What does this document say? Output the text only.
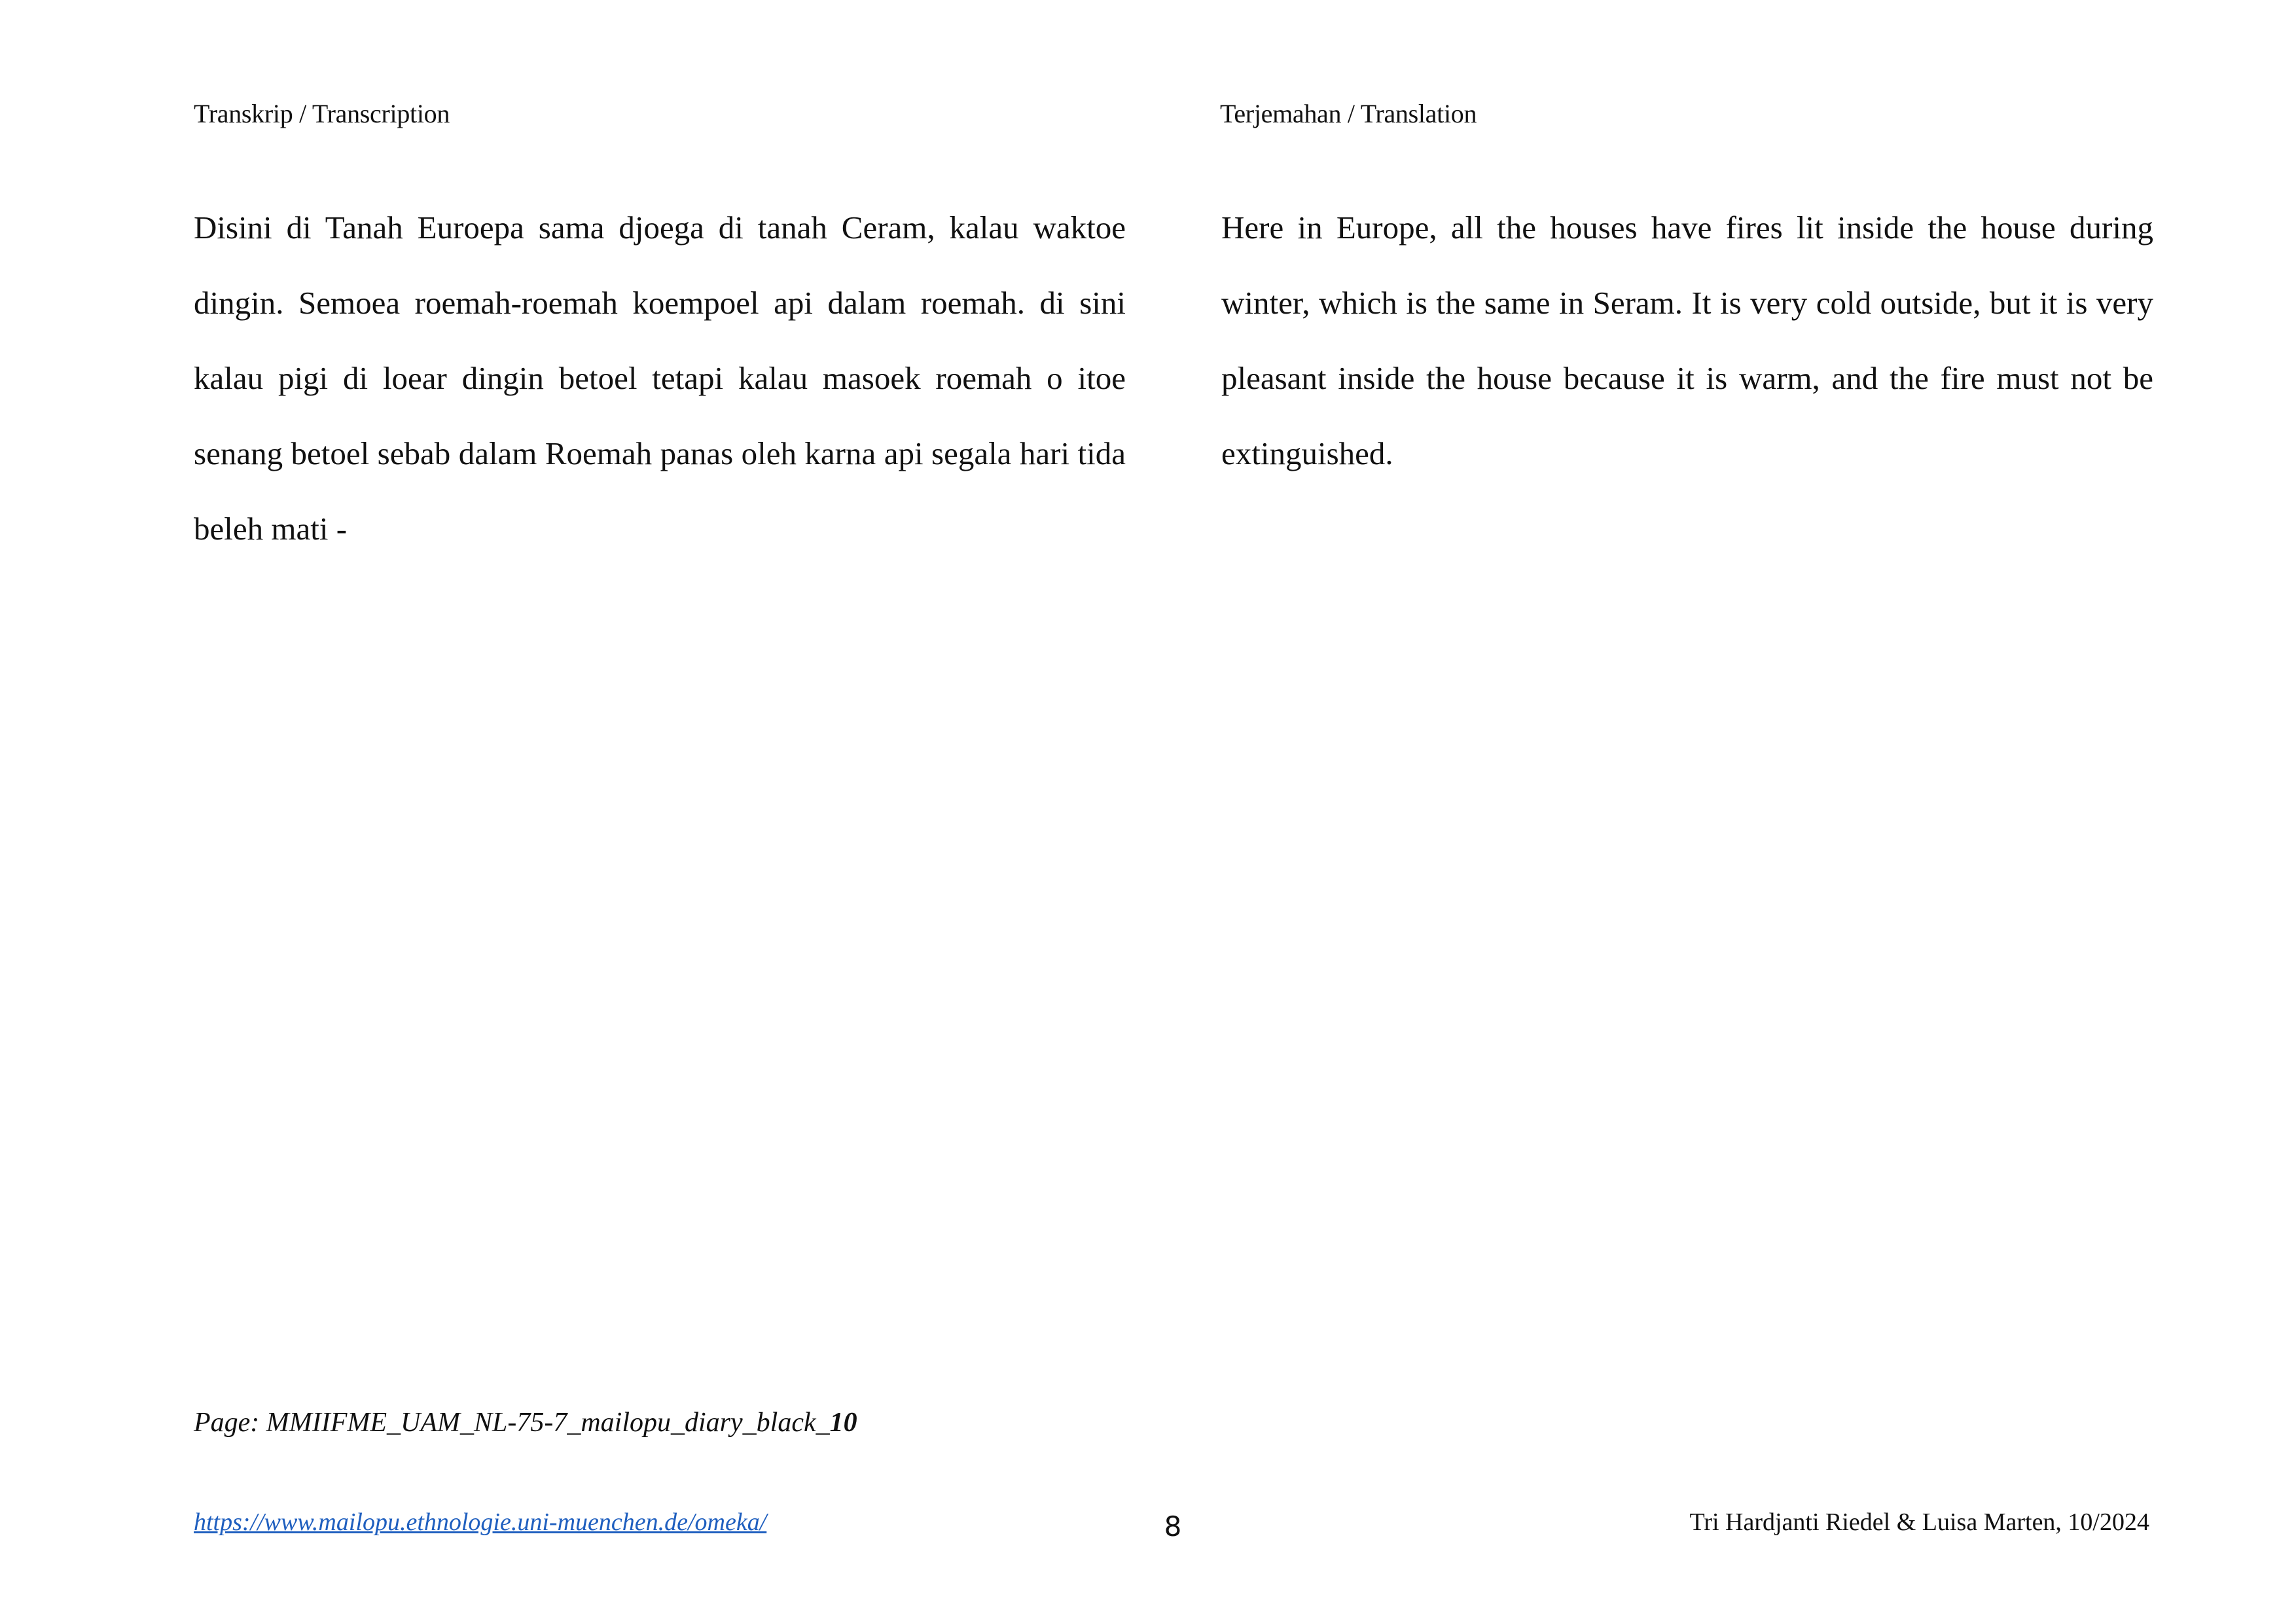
Transkrip / Transcription	Terjemahan / Translation
Disini di Tanah Euroepa sama djoega di tanah Ceram, kalau waktoe dingin. Semoea roemah-roemah koempoel api dalam roemah. di sini kalau pigi di loear dingin betoel tetapi kalau masoek roemah o itoe senang betoel sebab dalam Roemah panas oleh karna api segala hari tida beleh mati -
Here in Europe, all the houses have fires lit inside the house during winter, which is the same in Seram. It is very cold outside, but it is very pleasant inside the house because it is warm, and the fire must not be extinguished.
Page: MMIIFME_UAM_NL-75-7_mailopu_diary_black_10
https://www.mailopu.ethnologie.uni-muenchen.de/omeka/	8	Tri Hardjanti Riedel & Luisa Marten, 10/2024
